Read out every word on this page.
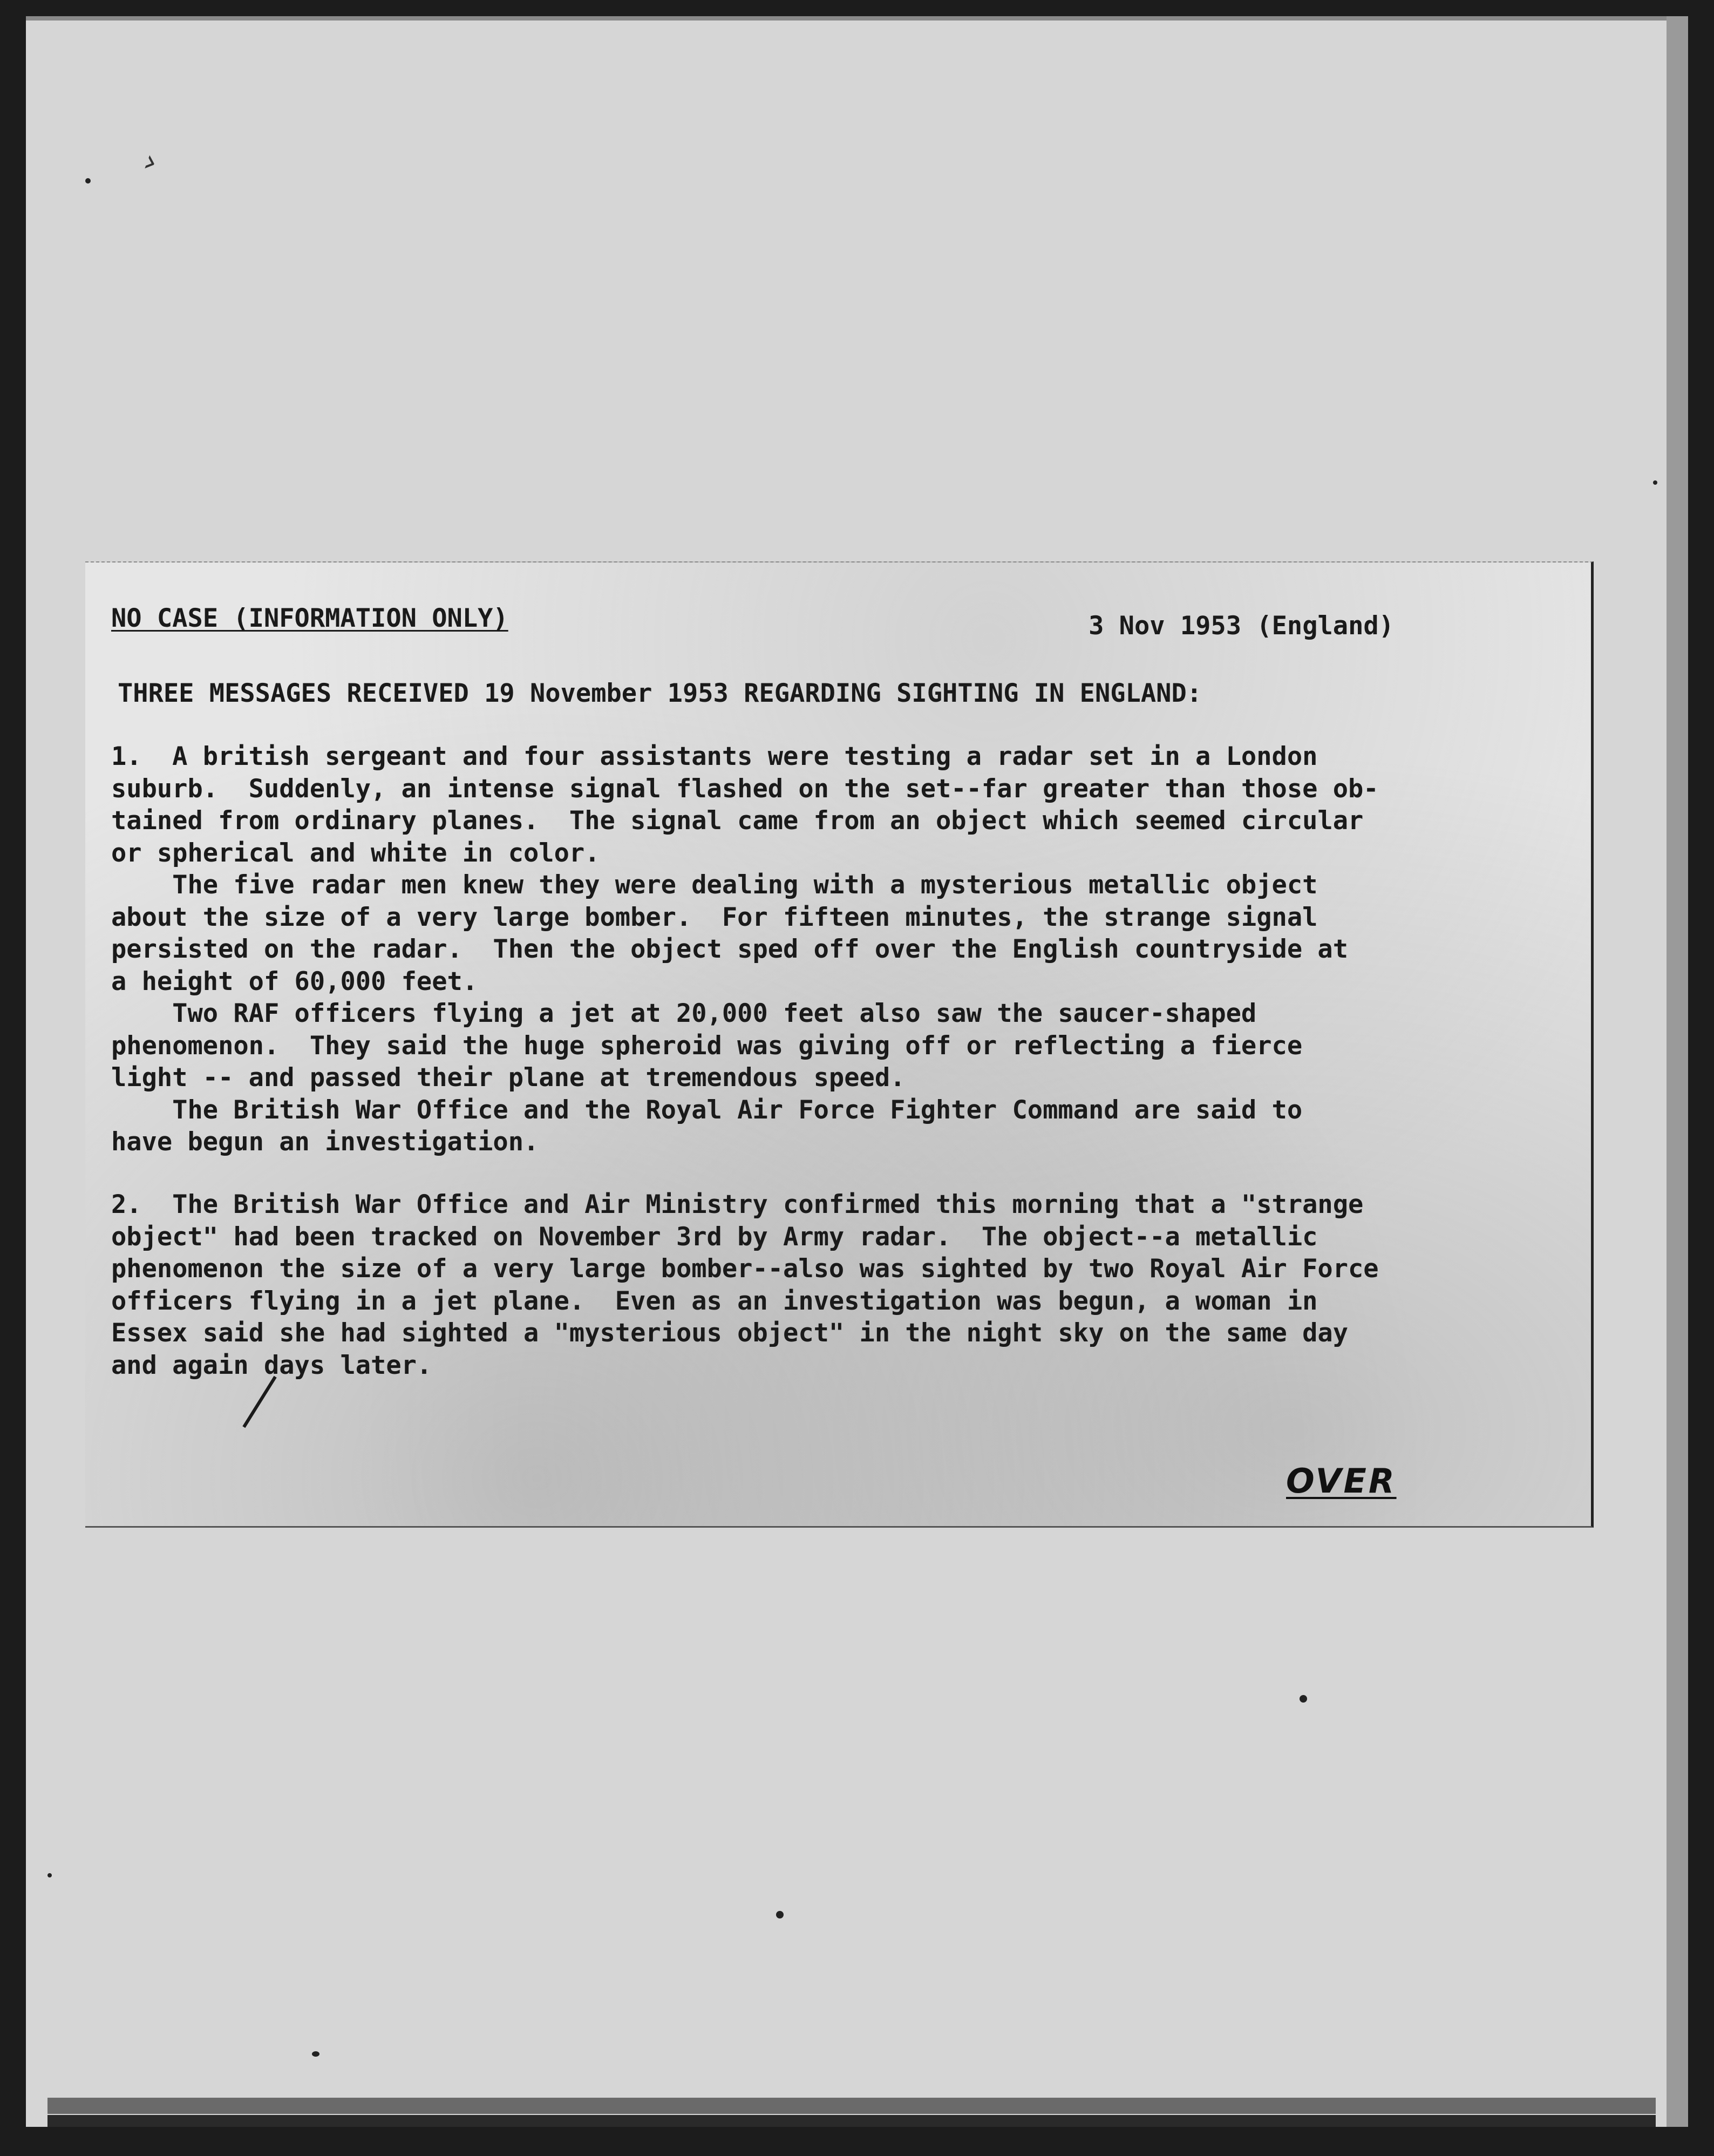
›
NO CASE (INFORMATION ONLY)	3 Nov 1953 (England)
THREE MESSAGES RECEIVED 19 November 1953 REGARDING SIGHTING IN ENGLAND:
1.  A british sergeant and four assistants were testing a radar set in a London
suburb.  Suddenly, an intense signal flashed on the set--far greater than those ob-
tained from ordinary planes.  The signal came from an object which seemed circular
or spherical and white in color.
The five radar men knew they were dealing with a mysterious metallic object
about the size of a very large bomber.  For fifteen minutes, the strange signal
persisted on the radar.  Then the object sped off over the English countryside at
a height of 60,000 feet.
Two RAF officers flying a jet at 20,000 feet also saw the saucer-shaped
phenomenon.  They said the huge spheroid was giving off or reflecting a fierce
light -- and passed their plane at tremendous speed.
The British War Office and the Royal Air Force Fighter Command are said to
have begun an investigation.
2.  The British War Office and Air Ministry confirmed this morning that a "strange
object" had been tracked on November 3rd by Army radar.  The object--a metallic
phenomenon the size of a very large bomber--also was sighted by two Royal Air Force
officers flying in a jet plane.  Even as an investigation was begun, a woman in
Essex said she had sighted a "mysterious object" in the night sky on the same day
and again days later.
OVER
